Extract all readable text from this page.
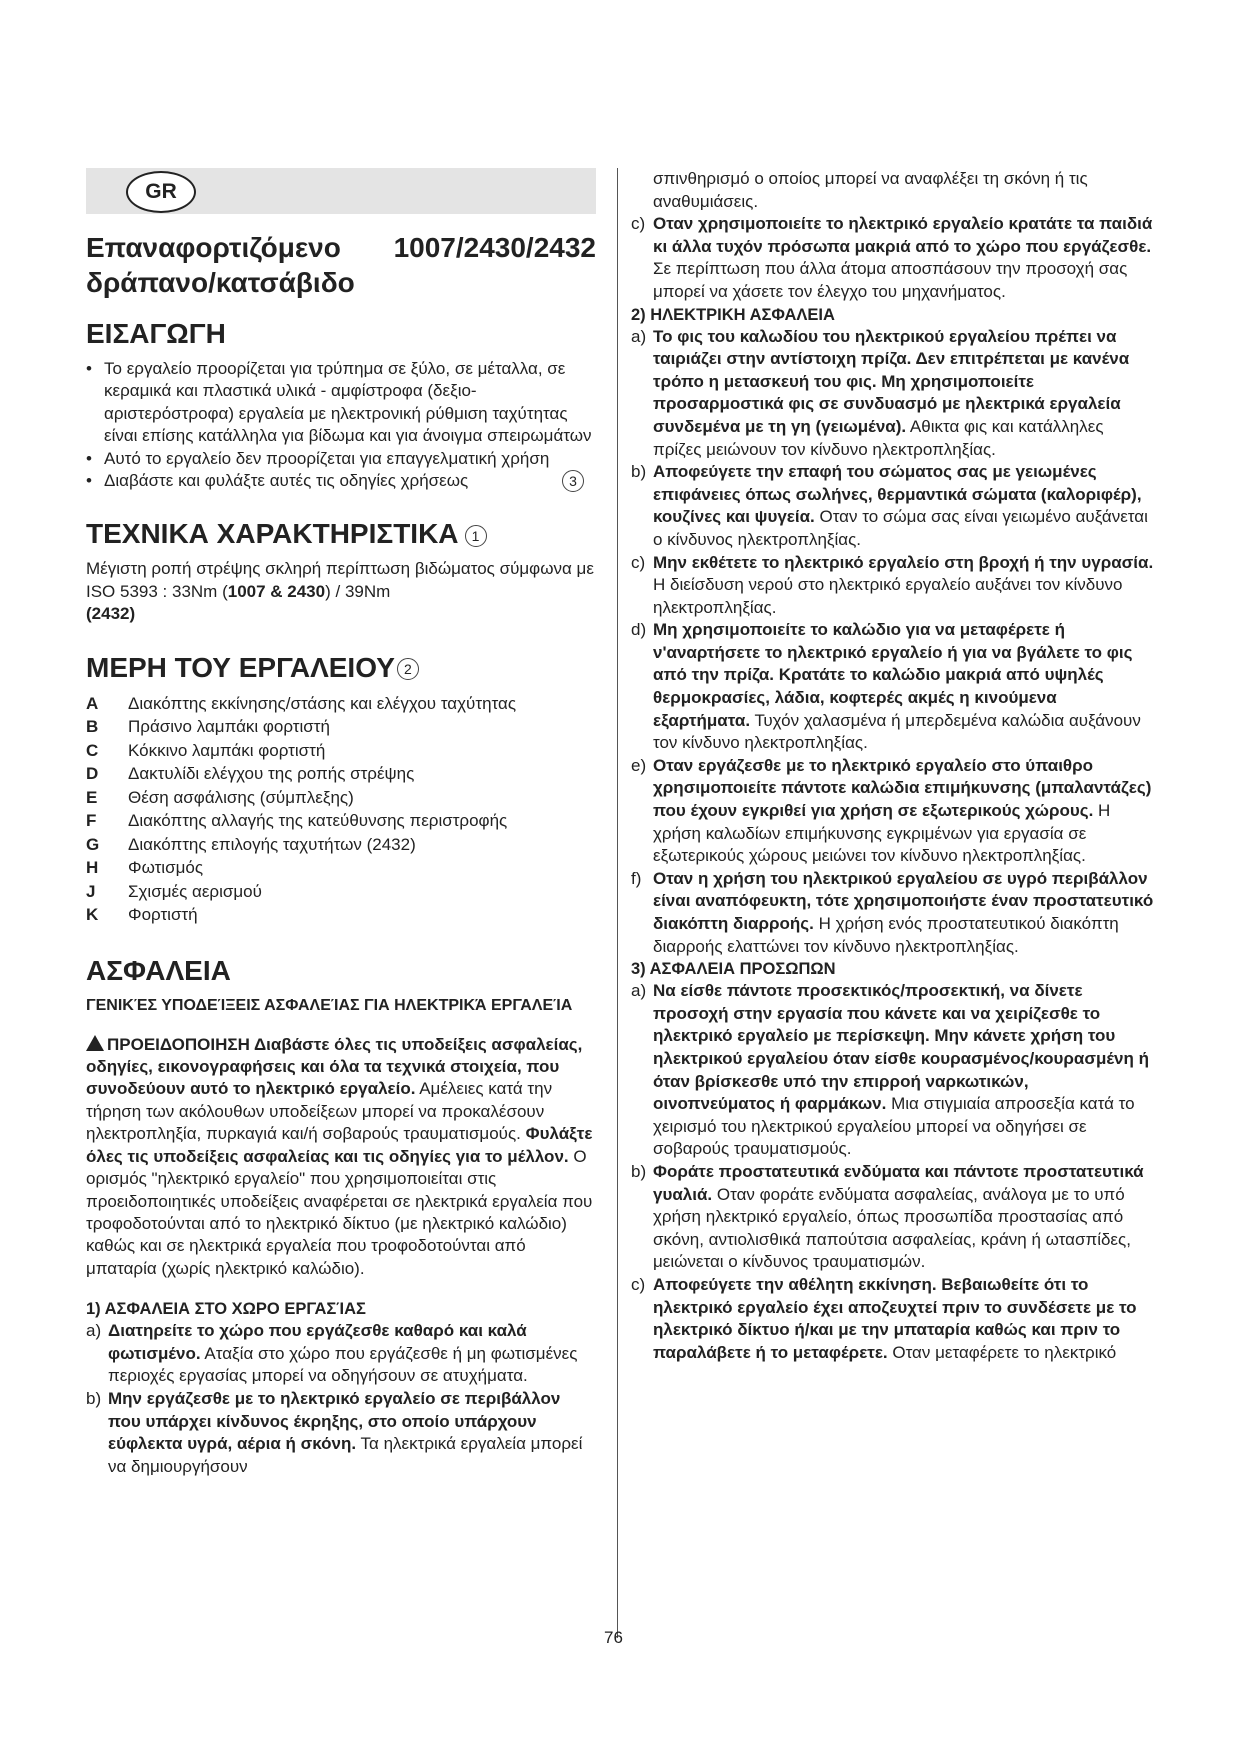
GR
Επαναφορτιζόμενο 1007/2430/2432
δράπανο/κατσάβιδο
ΕΙΣΑΓΩΓΗ
• Το εργαλείο προορίζεται για τρύπημα σε ξύλο, σε μέταλλα, σε κεραμικά και πλαστικά υλικά - αμφίστροφα (δεξιο-αριστερόστροφα) εργαλεία με ηλεκτρονική ρύθμιση ταχύτητας είναι επίσης κατάλληλα για βίδωμα και για άνοιγμα σπειρωμάτων
• Αυτό το εργαλείο δεν προορίζεται για επαγγελματική χρήση
• Διαβάστε και φυλάξτε αυτές τις οδηγίες χρήσεως	3
ΤΕΧΝΙΚΑ ΧΑΡΑΚΤΗΡΙΣΤΙΚΑ 1

Μέγιστη ροπή στρέψης σκληρή περίπτωση βιδώματος σύμφωνα με ISO 5393 : 33Nm (1007 & 2430) / 39Nm
(2432)

ΜΕΡΗ ΤΟΥ ΕΡΓΑΛΕΙΟΥ 2
A	Διακόπτης εκκίνησης/στάσης και ελέγχου ταχύτητας
B	Πράσινο λαμπάκι φορτιστή
C	Κόκκινο λαμπάκι φορτιστή
D	Δακτυλίδι ελέγχου της ροπής στρέψης
E	Θέση ασφάλισης (σύμπλεξης)
F	Διακόπτης αλλαγής της κατεύθυνσης περιστροφής
G	Διακόπτης επιλογής ταχυτήτων (2432)
H	Φωτισμός
J	Σχισμές αερισμού
K	Φορτιστή
ΑΣΦΑΛΕΙΑ
ΓΕΝΙΚΈΣ ΥΠΟΔΕΊΞΕΙΣ ΑΣΦΑΛΕΊΑΣ ΓΙΑ ΗΛΕΚΤΡΙΚΆ ΕΡΓΑΛΕΊΑ

ΠΡΟΕΙΔΟΠΟΙΗΣΗ Διαβάστε όλες τις υποδείξεις ασφαλείας, οδηγίες, εικονογραφήσεις και όλα τα τεχνικά στοιχεία, που συνοδεύουν αυτό το ηλεκτρικό εργαλείο. Αμέλειες κατά την τήρηση των ακόλουθων υποδείξεων μπορεί να προκαλέσουν ηλεκτροπληξία, πυρκαγιά και/ή σοβαρούς τραυματισμούς. Φυλάξτε όλες τις υποδείξεις ασφαλείας και τις οδηγίες για το μέλλον. Ο ορισμός "ηλεκτρικό εργαλείο" που χρησιμοποιείται στις προειδοποιητικές υποδείξεις αναφέρεται σε ηλεκτρικά εργαλεία που τροφοδοτούνται από το ηλεκτρικό δίκτυο (με ηλεκτρικό καλώδιο) καθώς και σε ηλεκτρικά εργαλεία που τροφοδοτούνται από μπαταρία (χωρίς ηλεκτρικό καλώδιο).

1) ΑΣΦΑΛΕΙΑ ΣΤΟ ΧΩΡΟ ΕΡΓΑΣΊΑΣ
a) Διατηρείτε το χώρο που εργάζεσθε καθαρό και καλά φωτισμένο. Αταξία στο χώρο που εργάζεσθε ή μη φωτισμένες περιοχές εργασίας μπορεί να οδηγήσουν σε ατυχήματα.
b) Μην εργάζεσθε με το ηλεκτρικό εργαλείο σε περιβάλλον που υπάρχει κίνδυνος έκρηξης, στο οποίο υπάρχουν εύφλεκτα υγρά, αέρια ή σκόνη. Τα ηλεκτρικά εργαλεία μπορεί να δημιουργήσουν
σπινθηρισμό ο οποίος μπορεί να αναφλέξει τη σκόνη ή τις αναθυμιάσεις.
c) Οταν χρησιμοποιείτε το ηλεκτρικό εργαλείο κρατάτε τα παιδιά κι άλλα τυχόν πρόσωπα μακριά από το χώρο που εργάζεσθε. Σε περίπτωση που άλλα άτομα αποσπάσουν την προσοχή σας μπορεί να χάσετε τον έλεγχο του μηχανήματος.
2) ΗΛΕΚΤΡΙΚΗ ΑΣΦΑΛΕΙΑ
a) Το φις του καλωδίου του ηλεκτρικού εργαλείου πρέπει να ταιριάζει στην αντίστοιχη πρίζα. Δεν επιτρέπεται με κανένα τρόπο η μετασκευή του φις. Μη χρησιμοποιείτε προσαρμοστικά φις σε συνδυασμό με ηλεκτρικά εργαλεία συνδεμένα με τη γη (γειωμένα). Αθικτα φις και κατάλληλες πρίζες μειώνουν τον κίνδυνο ηλεκτροπληξίας.
b) Αποφεύγετε την επαφή του σώματος σας με γειωμένες επιφάνειες όπως σωλήνες, θερμαντικά σώματα (καλοριφέρ), κουζίνες και ψυγεία. Οταν το σώμα σας είναι γειωμένο αυξάνεται ο κίνδυνος ηλεκτροπληξίας.
c) Μην εκθέτετε το ηλεκτρικό εργαλείο στη βροχή ή την υγρασία. Η διείσδυση νερού στο ηλεκτρικό εργαλείο αυξάνει τον κίνδυνο ηλεκτροπληξίας.
d) Μη χρησιμοποιείτε το καλώδιο για να μεταφέρετε ή ν'αναρτήσετε το ηλεκτρικό εργαλείο ή για να βγάλετε το φις από την πρίζα. Κρατάτε το καλώδιο μακριά από υψηλές θερμοκρασίες, λάδια, κοφτερές ακμές η κινούμενα εξαρτήματα. Τυχόν χαλασμένα ή μπερδεμένα καλώδια αυξάνουν τον κίνδυνο ηλεκτροπληξίας.
e) Οταν εργάζεσθε με το ηλεκτρικό εργαλείο στο ύπαιθρο χρησιμοποιείτε πάντοτε καλώδια επιμήκυνσης (μπαλαντάζες) που έχουν εγκριθεί για χρήση σε εξωτερικούς χώρους. Η χρήση καλωδίων επιμήκυνσης εγκριμένων για εργασία σε εξωτερικούς χώρους μειώνει τον κίνδυνο ηλεκτροπληξίας.
f) Οταν η χρήση του ηλεκτρικού εργαλείου σε υγρό περιβάλλον είναι αναπόφευκτη, τότε χρησιμοποιήστε έναν προστατευτικό διακόπτη διαρροής. Η χρήση ενός προστατευτικού διακόπτη διαρροής ελαττώνει τον κίνδυνο ηλεκτροπληξίας.
3) ΑΣΦΑΛΕΙΑ ΠΡΟΣΩΠΩΝ
a) Να είσθε πάντοτε προσεκτικός/προσεκτική, να δίνετε προσοχή στην εργασία που κάνετε και να χειρίζεσθε το ηλεκτρικό εργαλείο με περίσκεψη. Μην κάνετε χρήση του ηλεκτρικού εργαλείου όταν είσθε κουρασμένος/κουρασμένη ή όταν βρίσκεσθε υπό την επιρροή ναρκωτικών, οινοπνεύματος ή φαρμάκων. Μια στιγμιαία απροσεξία κατά το χειρισμό του ηλεκτρικού εργαλείου μπορεί να οδηγήσει σε σοβαρούς τραυματισμούς.
b) Φοράτε προστατευτικά ενδύματα και πάντοτε προστατευτικά γυαλιά. Οταν φοράτε ενδύματα ασφαλείας, ανάλογα με το υπό χρήση ηλεκτρικό εργαλείο, όπως προσωπίδα προστασίας από σκόνη, αντιολισθικά παπούτσια ασφαλείας, κράνη ή ωτασπίδες, μειώνεται ο κίνδυνος τραυματισμών.
c) Αποφεύγετε την αθέλητη εκκίνηση. Βεβαιωθείτε ότι το ηλεκτρικό εργαλείο έχει αποζευχτεί πριν το συνδέσετε με το ηλεκτρικό δίκτυο ή/και με την μπαταρία καθώς και πριν το παραλάβετε ή το μεταφέρετε. Οταν μεταφέρετε το ηλεκτρικό
76
